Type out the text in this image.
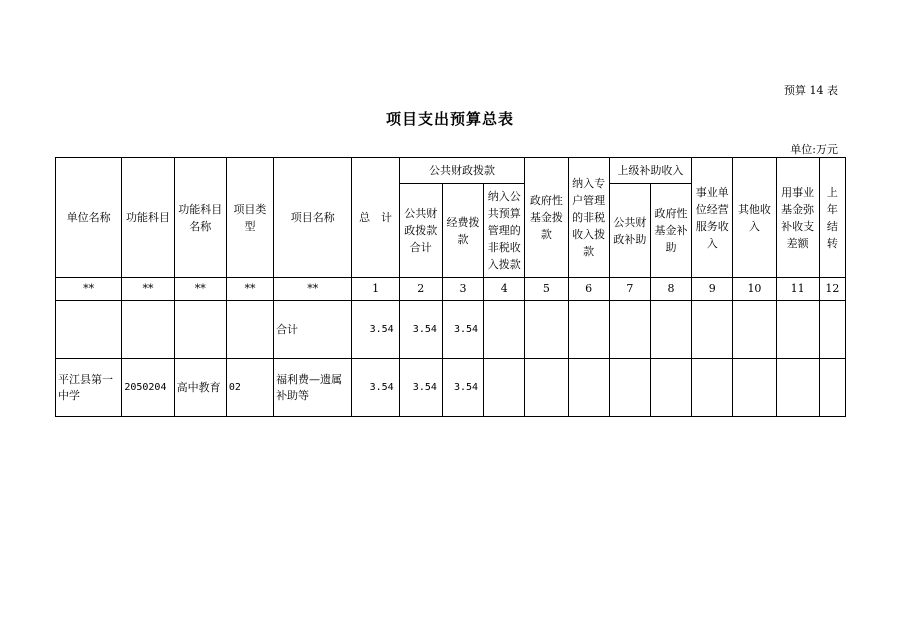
预算 14 表
项目支出预算总表
单位:万元
单位名称	功能科目	功能科目名称	项目类型	项目名称	总　计	公共财政拨款			政府性基金拨款	纳入专户管理的非税收入拨款	上级补助收入		事业单位经营服务收入	其他收入	用事业基金弥补收支差额	上年结转
						公共财政拨款合计	经费拨款	纳入公共预算管理的非税收入拨款			公共财政补助	政府性基金补助				
**	**	**	**	**	1	2	3	4	5	6	7	8	9	10	11	12
				合计	3.54	3.54	3.54									
平江县第一中学	2050204	高中教育	02	福利费—遗属补助等	3.54	3.54	3.54									
